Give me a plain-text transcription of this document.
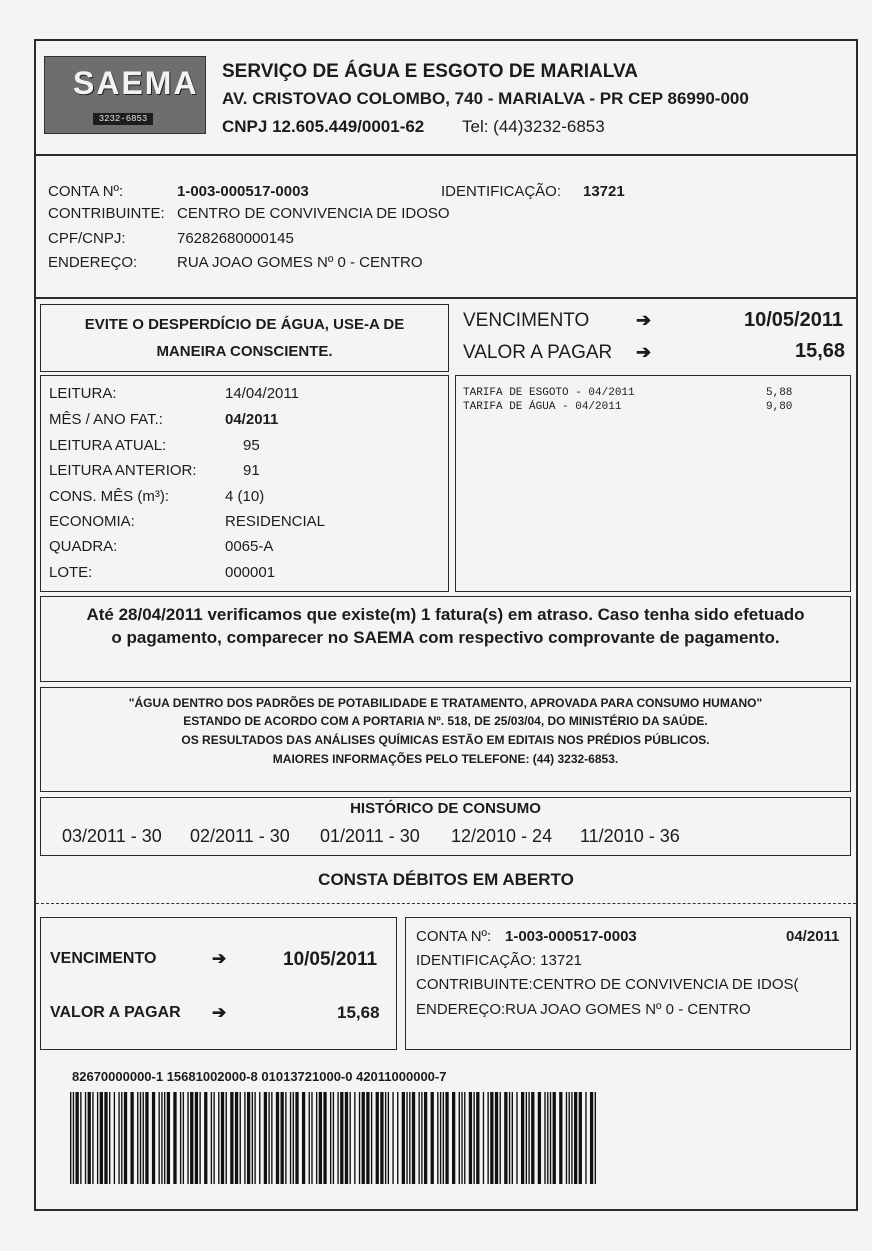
SAEMA
3232-6853
SERVIÇO DE ÁGUA E ESGOTO DE MARIALVA
AV. CRISTOVAO COLOMBO, 740 - MARIALVA - PR CEP 86990-000
CNPJ 12.605.449/0001-62 Tel: (44)3232-6853
CONTA Nº:	1-003-000517-0003	IDENTIFICAÇÃO: 13721
CONTRIBUINTE: CENTRO DE CONVIVENCIA DE IDOSO
CPF/CNPJ:	76282680000145
ENDEREÇO:	RUA JOAO GOMES Nº 0 - CENTRO
EVITE O DESPERDÍCIO DE ÁGUA, USE-A DE
MANEIRA CONSCIENTE.
VENCIMENTO	➔	10/05/2011
VALOR A PAGAR ➔	15,68
LEITURA:	14/04/2011
MÊS / ANO FAT.:	04/2011
LEITURA ATUAL:	95
LEITURA ANTERIOR:	91
CONS. MÊS (m³):	4 (10)
ECONOMIA:	RESIDENCIAL
QUADRA:	0065-A
LOTE:	000001
TARIFA DE ESGOTO - 04/2011	5,88
TARIFA DE ÁGUA - 04/2011	9,80
Até 28/04/2011 verificamos que existe(m) 1 fatura(s) em atraso. Caso tenha sido efetuado
o pagamento, comparecer no SAEMA com respectivo comprovante de pagamento.
"ÁGUA DENTRO DOS PADRÕES DE POTABILIDADE E TRATAMENTO, APROVADA PARA CONSUMO HUMANO"
ESTANDO DE ACORDO COM A PORTARIA Nº. 518, DE 25/03/04, DO MINISTÉRIO DA SAÚDE.
OS RESULTADOS DAS ANÁLISES QUÍMICAS ESTÃO EM EDITAIS NOS PRÉDIOS PÚBLICOS.
MAIORES INFORMAÇÕES PELO TELEFONE: (44) 3232-6853.
HISTÓRICO DE CONSUMO
03/2011 - 30 02/2011 - 30 01/2011 - 30 12/2010 - 24 11/2010 - 36
CONSTA DÉBITOS EM ABERTO
VENCIMENTO	➔	10/05/2011
VALOR A PAGAR ➔	15,68
CONTA Nº: 1-003-000517-0003	04/2011
IDENTIFICAÇÃO: 13721
CONTRIBUINTE:CENTRO DE CONVIVENCIA DE IDOS(
ENDEREÇO:RUA JOAO GOMES Nº 0 - CENTRO
82670000000-1 15681002000-8 01013721000-0 42011000000-7
